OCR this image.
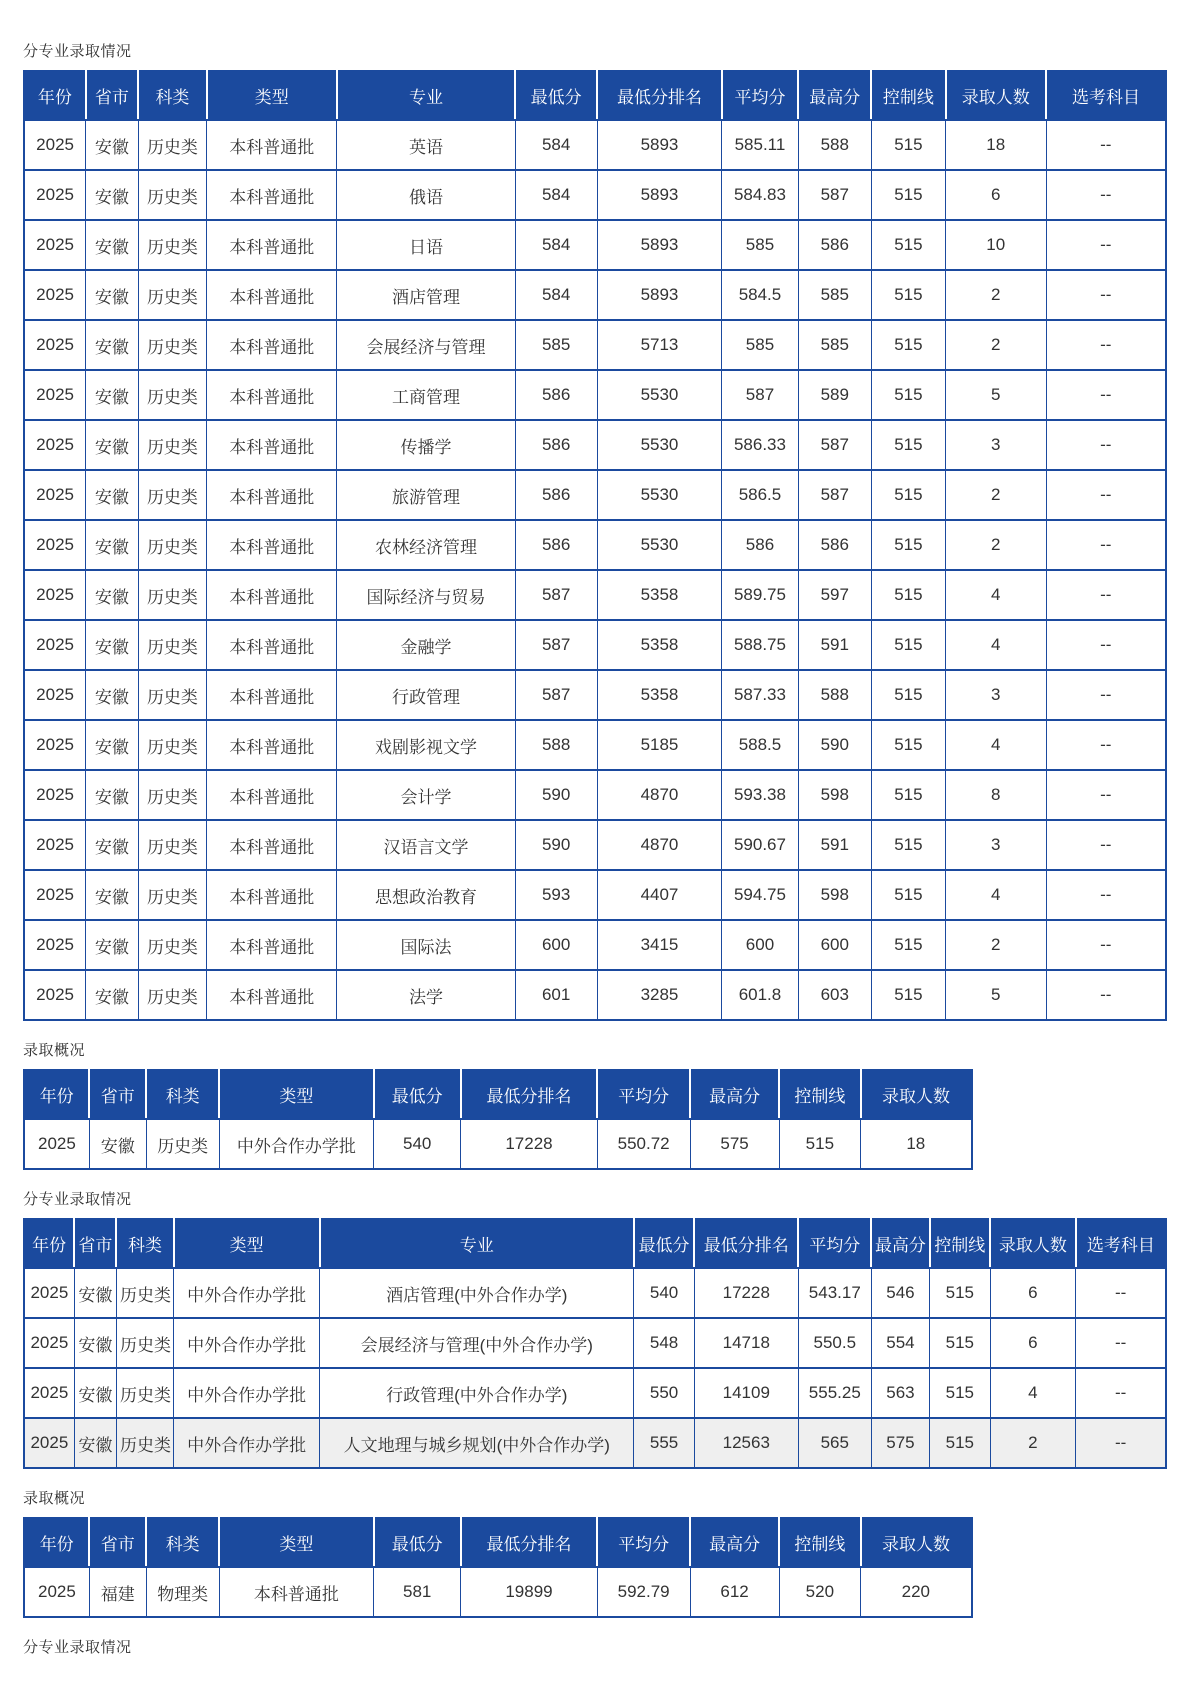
分专业录取情况
年份	省市	科类	类型	专业	最低分	最低分排名	平均分	最高分	控制线	录取人数	选考科目
2025	安徽	历史类	本科普通批	英语	584	5893	585.11	588	515	18	--
2025	安徽	历史类	本科普通批	俄语	584	5893	584.83	587	515	6	--
2025	安徽	历史类	本科普通批	日语	584	5893	585	586	515	10	--
2025	安徽	历史类	本科普通批	酒店管理	584	5893	584.5	585	515	2	--
2025	安徽	历史类	本科普通批	会展经济与管理	585	5713	585	585	515	2	--
2025	安徽	历史类	本科普通批	工商管理	586	5530	587	589	515	5	--
2025	安徽	历史类	本科普通批	传播学	586	5530	586.33	587	515	3	--
2025	安徽	历史类	本科普通批	旅游管理	586	5530	586.5	587	515	2	--
2025	安徽	历史类	本科普通批	农林经济管理	586	5530	586	586	515	2	--
2025	安徽	历史类	本科普通批	国际经济与贸易	587	5358	589.75	597	515	4	--
2025	安徽	历史类	本科普通批	金融学	587	5358	588.75	591	515	4	--
2025	安徽	历史类	本科普通批	行政管理	587	5358	587.33	588	515	3	--
2025	安徽	历史类	本科普通批	戏剧影视文学	588	5185	588.5	590	515	4	--
2025	安徽	历史类	本科普通批	会计学	590	4870	593.38	598	515	8	--
2025	安徽	历史类	本科普通批	汉语言文学	590	4870	590.67	591	515	3	--
2025	安徽	历史类	本科普通批	思想政治教育	593	4407	594.75	598	515	4	--
2025	安徽	历史类	本科普通批	国际法	600	3415	600	600	515	2	--
2025	安徽	历史类	本科普通批	法学	601	3285	601.8	603	515	5	--
录取概况
年份	省市	科类	类型	最低分	最低分排名	平均分	最高分	控制线	录取人数
2025	安徽	历史类	中外合作办学批	540	17228	550.72	575	515	18
分专业录取情况
年份	省市	科类	类型	专业	最低分	最低分排名	平均分	最高分	控制线	录取人数	选考科目
2025	安徽	历史类	中外合作办学批	酒店管理(中外合作办学)	540	17228	543.17	546	515	6	--
2025	安徽	历史类	中外合作办学批	会展经济与管理(中外合作办学)	548	14718	550.5	554	515	6	--
2025	安徽	历史类	中外合作办学批	行政管理(中外合作办学)	550	14109	555.25	563	515	4	--
2025	安徽	历史类	中外合作办学批	人文地理与城乡规划(中外合作办学)	555	12563	565	575	515	2	--
录取概况
年份	省市	科类	类型	最低分	最低分排名	平均分	最高分	控制线	录取人数
2025	福建	物理类	本科普通批	581	19899	592.79	612	520	220
分专业录取情况
